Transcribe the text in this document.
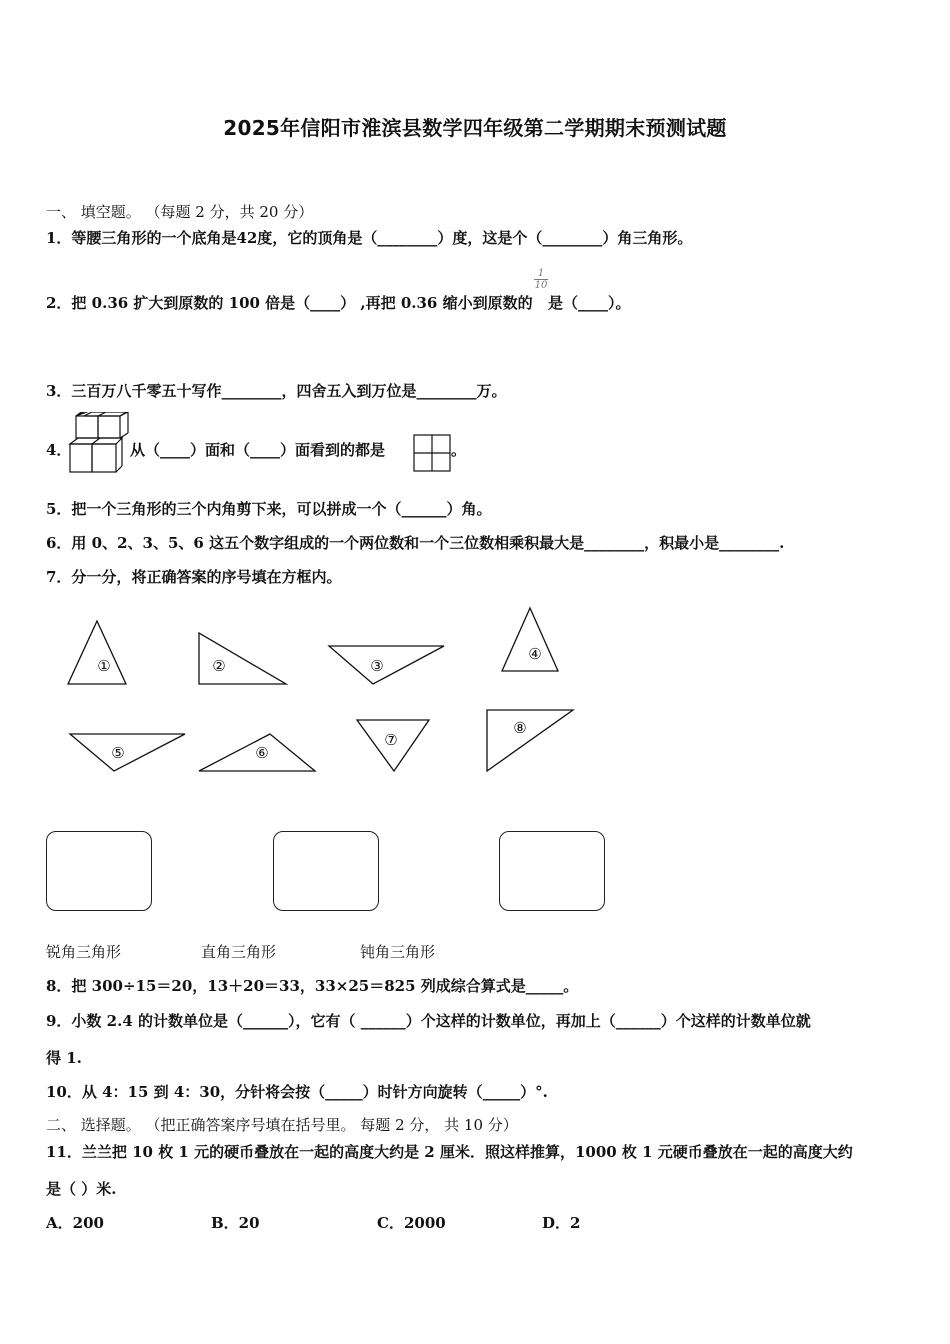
2025年信阳市淮滨县数学四年级第二学期期末预测试题
一、 填空题。 （每题 2 分，共 20 分）
1．等腰三角形的一个底角是42度，它的顶角是（________）度，这是个（________）角三角形。
2．把 0.36 扩大到原数的 100 倍是（____） ,再把 0.36 缩小到原数的
$\frac{1}{10}$
是（____）。
3．三百万八千零五十写作________，四舍五入到万位是________万。
4．	从（____）面和（____）面看到的都是	。
5．把一个三角形的三个内角剪下来，可以拼成一个（______）角。
6．用 0、2、3、5、6 这五个数字组成的一个两位数和一个三位数相乘积最大是________，积最小是________.
7．分一分，将正确答案的序号填在方框内。
①	②	③
④
⑤	⑥
⑦
⑧
锐角三角形	直角三角形	钝角三角形
8．把 300÷15＝20，13＋20＝33，33×25＝825 列成综合算式是_____。
9．小数 2.4 的计数单位是（______），它有（ ______）个这样的计数单位，再加上（______）个这样的计数单位就
得 1.
10．从 4：15 到 4：30，分针将会按（_____）时针方向旋转（_____）°.
二、 选择题。 （把正确答案序号填在括号里。 每题 2 分， 共 10 分）
11．兰兰把 10 枚 1 元的硬币叠放在一起的高度大约是 2 厘米．照这样推算，1000 枚 1 元硬币叠放在一起的高度大约
是（ ）米.
A．200	B．20	C．2000	D．2
